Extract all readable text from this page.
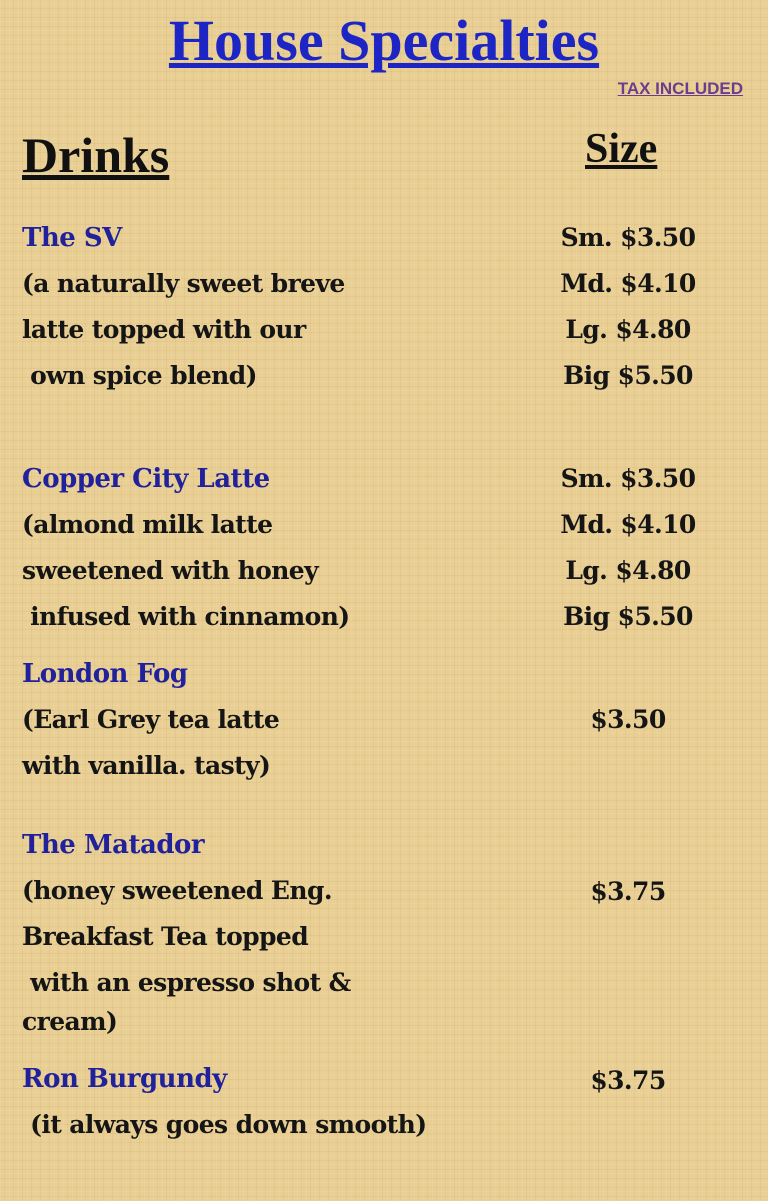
House Specialties
TAX INCLUDED
Drinks	Size
The SV
(a naturally sweet breve
latte topped with our
own spice blend)
Sm. $3.50
Md. $4.10
Lg. $4.80
Big $5.50
Copper City Latte
(almond milk latte
sweetened with honey
infused with cinnamon)
Sm. $3.50
Md. $4.10
Lg. $4.80
Big $5.50
London Fog
(Earl Grey tea latte
with vanilla. tasty)
$3.50
The Matador
(honey sweetened Eng.
Breakfast Tea topped
with an espresso shot &
cream)
$3.75
Ron Burgundy
(it always goes down smooth)
$3.75
